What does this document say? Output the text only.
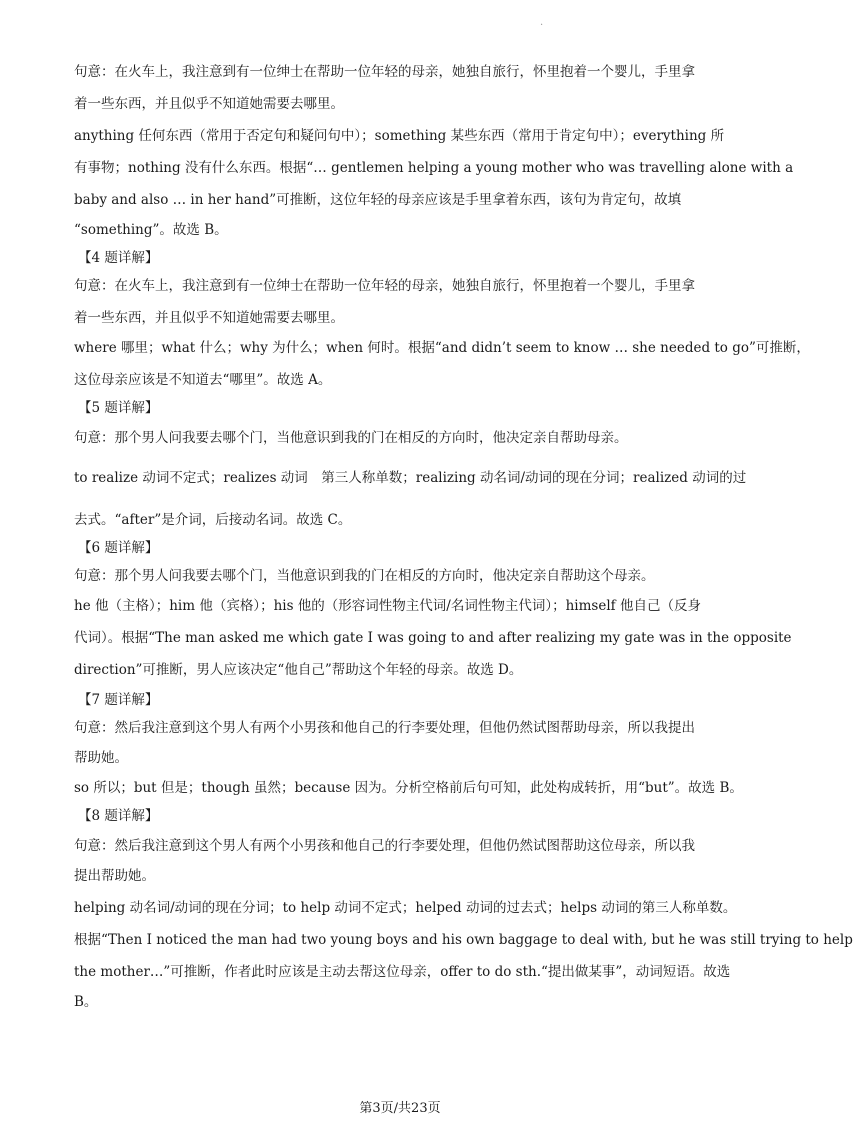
.
句意：在火车上，我注意到有一位绅士在帮助一位年轻的母亲，她独自旅行，怀里抱着一个婴儿，手里拿
着一些东西，并且似乎不知道她需要去哪里。
anything 任何东西（常用于否定句和疑问句中）；something 某些东西（常用于肯定句中）；everything 所
有事物；nothing 没有什么东西。根据“… gentlemen helping a young mother who was travelling alone with a
baby and also … in her hand”可推断，这位年轻的母亲应该是手里拿着东西，该句为肯定句，故填
“something”。故选 B。
【4 题详解】
句意：在火车上，我注意到有一位绅士在帮助一位年轻的母亲，她独自旅行，怀里抱着一个婴儿，手里拿
着一些东西，并且似乎不知道她需要去哪里。
where 哪里；what 什么；why 为什么；when 何时。根据“and didn’t seem to know … she needed to go”可推断，
这位母亲应该是不知道去“哪里”。故选 A。
【5 题详解】
句意：那个男人问我要去哪个门，当他意识到我的门在相反的方向时，他决定亲自帮助母亲。
to realize 动词不定式；realizes 动词　第三人称单数；realizing 动名词/动词的现在分词；realized 动词的过
去式。“after”是介词，后接动名词。故选 C。
【6 题详解】
句意：那个男人问我要去哪个门，当他意识到我的门在相反的方向时，他决定亲自帮助这个母亲。
he 他（主格）；him 他（宾格）；his 他的（形容词性物主代词/名词性物主代词）；himself 他自己（反身
代词）。根据“The man asked me which gate I was going to and after realizing my gate was in the opposite
direction”可推断，男人应该决定“他自己”帮助这个年轻的母亲。故选 D。
【7 题详解】
句意：然后我注意到这个男人有两个小男孩和他自己的行李要处理，但他仍然试图帮助母亲，所以我提出
帮助她。
so 所以；but 但是；though 虽然；because 因为。分析空格前后句可知，此处构成转折，用“but”。故选 B。
【8 题详解】
句意：然后我注意到这个男人有两个小男孩和他自己的行李要处理，但他仍然试图帮助这位母亲，所以我
提出帮助她。
helping 动名词/动词的现在分词；to help 动词不定式；helped 动词的过去式；helps 动词的第三人称单数。
根据“Then I noticed the man had two young boys and his own baggage to deal with, but he was still trying to help
the mother…”可推断，作者此时应该是主动去帮这位母亲，offer to do sth.“提出做某事”，动词短语。故选
B。
第3页/共23页
